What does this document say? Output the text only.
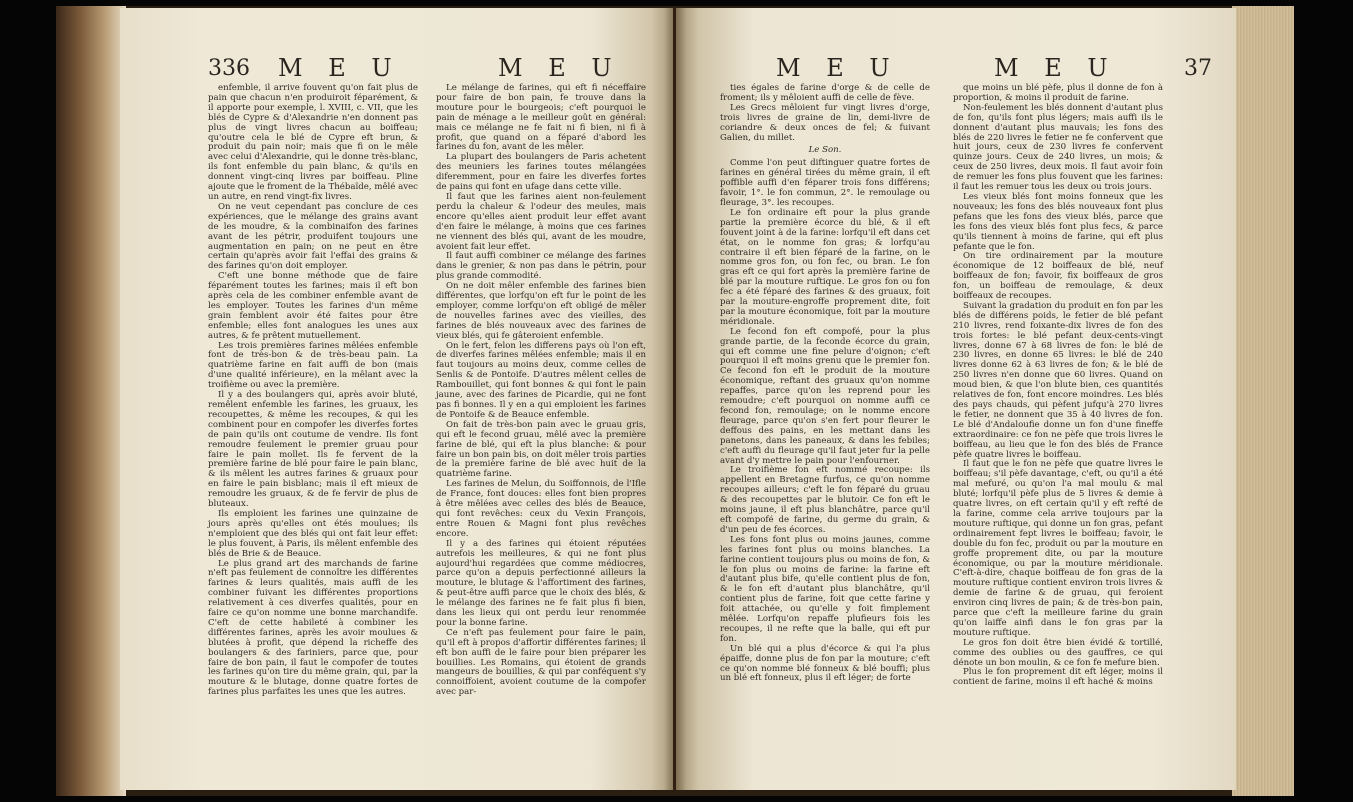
336 M E U	M E U

enfemble, il arrive fouvent qu'on fait plus de pain que chacun n'en produiroit féparément, & il apporte pour exemple, l. XVIII, c. VII, que les blés de Cypre & d'Alexandrie n'en donnent pas plus de vingt livres chacun au boiffeau; qu'outre cela le blé de Cypre eft brun, & produit du pain noir; mais que fi on le mêle avec celui d'Alexandrie, qui le donne très-blanc, ils font enfemble du pain blanc, & qu'ils en donnent vingt-cinq livres par boiffeau. Pline ajoute que le froment de la Thébaïde, mêlé avec un autre, en rend vingt-fix livres.

On ne veut cependant pas conclure de ces expériences, que le mélange des grains avant de les moudre, & la combinaifon des farines avant de les pétrir, produifent toujours une augmentation en pain; on ne peut en être certain qu'après avoir fait l'effai des grains & des farines qu'on doit employer.

C'eft une bonne méthode que de faire féparément toutes les farines; mais il eft bon après cela de les combiner enfemble avant de les employer. Toutes les farines d'un même grain femblent avoir été faites pour être enfemble; elles font analogues les unes aux autres, & fe prêtent mutuellement.

Les trois premières farines mêlées enfemble font de très-bon & de très-beau pain. La quatrième farine en fait auffi de bon (mais d'une qualité inférieure), en la mêlant avec la troifième ou avec la première.

Il y a des boulangers qui, après avoir bluté, remêlent enfemble les farines, les gruaux, les recoupettes, & même les recoupes, & qui les combinent pour en compofer les diverfes fortes de pain qu'ils ont coutume de vendre. Ils font remoudre feulement le premier gruau pour faire le pain mollet. Ils fe fervent de la première farine de blé pour faire le pain blanc, & ils mêlent les autres farines & gruaux pour en faire le pain bisblanc; mais il eft mieux de remoudre les gruaux, & de fe fervir de plus de bluteaux.

Ils emploient les farines une quinzaine de jours après qu'elles ont étés moulues; ils n'emploient que des blés qui ont fait leur effet: le plus fouvent, à Paris, ils mêlent enfemble des blés de Brie & de Beauce.

Le plus grand art des marchands de farine n'eft pas feulement de connoître les différentes farines & leurs qualités, mais auffi de les combiner fuivant les différentes proportions relativement à ces diverfes qualités, pour en faire ce qu'on nomme une bonne marchandife. C'eft de cette habileté à combiner les différentes farines, après les avoir moulues & blutées à profit, que dépend la richeffe des boulangers & des fariniers, parce que, pour faire de bon pain, il faut le compofer de toutes les farines qu'on tire du même grain, qui, par la mouture & le blutage, donne quatre fortes de farines plus parfaites les unes que les autres.

Le mélange de farines, qui eft fi néceffaire pour faire de bon pain, fe trouve dans la mouture pour le bourgeois; c'eft pourquoi le pain de ménage a le meilleur goût en général: mais ce mélange ne fe fait ni fi bien, ni fi à profit, que quand on a féparé d'abord les farines du fon, avant de les mêler.

La plupart des boulangers de Paris achetent des meuniers les farines toutes mélangées diferemment, pour en faire les diverfes fortes de pains qui font en ufage dans cette ville.

Il faut que les farines aient non-feulement perdu la chaleur & l'odeur des meules, mais encore qu'elles aient produit leur effet avant d'en faire le mélange, à moins que ces farines ne viennent des blés qui, avant de les moudre, avoient fait leur effet.

Il faut auffi combiner ce mélange des farines dans le grenier, & non pas dans le pétrin, pour plus grande commodité.

On ne doit mêler enfemble des farines bien différentes, que lorfqu'on eft fur le point de les employer, comme lorfqu'on eft obligé de mêler de nouvelles farines avec des vieilles, des farines de blés nouveaux avec des farines de vieux blés, qui fe gâteroient enfemble.

On le fert, felon les differens pays où l'on eft, de diverfes farines mêlées enfemble; mais il en faut toujours au moins deux, comme celles de Senlis & de Pontoife. D'autres mêlent celles de Rambouillet, qui font bonnes & qui font le pain jaune, avec des farines de Picardie, qui ne font pas fi bonnes. Il y en a qui emploient les farines de Pontoife & de Beauce enfemble.

On fait de très-bon pain avec le gruau gris, qui eft le fecond gruau, mêlé avec la première farine de blé, qui eft la plus blanche: & pour faire un bon pain bis, on doit mêler trois parties de la première farine de blé avec huit de la quatrième farine.

Les farines de Melun, du Soiffonnois, de l'Ifle de France, font douces: elles font bien propres à être mêlées avec celles des blés de Beauce, qui font revêches: ceux du Vexin François, entre Rouen & Magni font plus revêches encore.

Il y a des farines qui étoient réputées autrefois les meilleures, & qui ne font plus aujourd'hui regardées que comme médiocres, parce qu'on a depuis perfectionné ailleurs la mouture, le blutage & l'affortiment des farines, & peut-être auffi parce que le choix des blés, & le mélange des farines ne fe fait plus fi bien, dans les lieux qui ont perdu leur renommée pour la bonne farine.

Ce n'eft pas feulement pour faire le pain, qu'il eft à propos d'affortir différentes farines; il eft bon auffi de le faire pour bien préparer les bouillies. Les Romains, qui étoient de grands mangeurs de bouillies, & qui par conféquent s'y connoiffoient, avoient coutume de la compofer avec par-

M E U	M E U	37

ties égales de farine d'orge & de celle de froment; ils y mêloient auffi de celle de fève.

Les Grecs mêloient fur vingt livres d'orge, trois livres de graine de lin, demi-livre de coriandre & deux onces de fel; & fuivant Galien, du millet.

Le Son.

Comme l'on peut diftinguer quatre fortes de farines en général tirées du même grain, il eft poffible auffi d'en féparer trois fons différens; favoir, 1°. le fon commun, 2°. le remoulage ou fleurage, 3°. les recoupes.

Le fon ordinaire eft pour la plus grande partie la première écorce du blé, & il eft fouvent joint à de la farine: lorfqu'il eft dans cet état, on le nomme fon gras; & lorfqu'au contraire il eft bien féparé de la farine, on le nomme gros fon, ou fon fec, ou bran. Le fon gras eft ce qui fort après la première farine de blé par la mouture ruftique. Le gros fon ou fon fec a été féparé des farines & des gruaux, foit par la mouture-engroffe proprement dite, foit par la mouture économique, foit par la mouture méridionale.

Le fecond fon eft compofé, pour la plus grande partie, de la feconde écorce du grain, qui eft comme une fine pelure d'oignon; c'eft pourquoi il eft moins grenu que le premier fon. Ce fecond fon eft le produit de la mouture économique, reftant des gruaux qu'on nomme repaffes, parce qu'on les reprend pour les remoudre; c'eft pourquoi on nomme auffi ce fecond fon, remoulage; on le nomme encore fleurage, parce qu'on s'en fert pour fleurer le deffous des pains, en les mettant dans les panetons, dans les paneaux, & dans les febiles; c'eft auffi du fleurage qu'il faut jeter fur la pelle avant d'y mettre le pain pour l'enfourner.

Le troifième fon eft nommé recoupe: ils appellent en Bretagne furfus, ce qu'on nomme recoupes ailleurs; c'eft le fon féparé du gruau & des recoupettes par le blutoir. Ce fon eft le moins jaune, il eft plus blanchâtre, parce qu'il eft compofé de farine, du germe du grain, & d'un peu de fes écorces.

Les fons font plus ou moins jaunes, comme les farines font plus ou moins blanches. La farine contient toujours plus ou moins de fon, & le fon plus ou moins de farine: la farine eft d'autant plus bife, qu'elle contient plus de fon, & le fon eft d'autant plus blanchâtre, qu'il contient plus de farine, foit que cette farine y foit attachée, ou qu'elle y foit fimplement mêlée. Lorfqu'on repaffe plufieurs fois les recoupes, il ne refte que la balle, qui eft pur fon.

Un blé qui a plus d'écorce & qui l'a plus épaiffe, donne plus de fon par la mouture; c'eft ce qu'on nomme blé fonneux & blé bouffi; plus un blé eft fonneux, plus il eft léger; de forte

que moins un blé pèfe, plus il donne de fon à proportion, & moins il produit de farine.

Non-feulement les blés donnent d'autant plus de fon, qu'ils font plus légers; mais auffi ils le donnent d'autant plus mauvais; les fons des blés de 220 livres le fetier ne fe confervent que huit jours, ceux de 230 livres fe confervent quinze jours. Ceux de 240 livres, un mois; & ceux de 250 livres, deux mois. Il faut avoir foin de remuer les fons plus fouvent que les farines: il faut les remuer tous les deux ou trois jours.

Les vieux blés font moins fonneux que les nouveaux; les fons des blés nouveaux font plus pefans que les fons des vieux blés, parce que les fons des vieux blés font plus fecs, & parce qu'ils tiennent à moins de farine, qui eft plus pefante que le fon.

On tire ordinairement par la mouture économique de 12 boiffeaux de blé, neuf boiffeaux de fon; favoir, fix boiffeaux de gros fon, un boiffeau de remoulage, & deux boiffeaux de recoupes.

Suivant la gradation du produit en fon par les blés de différens poids, le fetier de blé pefant 210 livres, rend foixante-dix livres de fon des trois fortes: le blé pefant deux-cents-vingt livres, donne 67 à 68 livres de fon: le blé de 230 livres, en donne 65 livres: le blé de 240 livres donne 62 à 63 livres de fon; & le blé de 250 livres n'en donne que 60 livres. Quand on moud bien, & que l'on blute bien, ces quantités relatives de fon, font encore moindres. Les blés des pays chauds, qui pèfent jufqu'à 270 livres le fetier, ne donnent que 35 à 40 livres de fon. Le blé d'Andaloufie donne un fon d'une fineffe extraordinaire: ce fon ne pèfe que trois livres le boiffeau, au lieu que le fon des blés de France pèfe quatre livres le boiffeau.

Il faut que le fon ne pèfe que quatre livres le boiffeau; s'il pèfe davantage, c'eft, ou qu'il a été mal mefuré, ou qu'on l'a mal moulu & mal bluté; lorfqu'il pèfe plus de 5 livres & demie à quatre livres, on eft certain qu'il y eft refté de la farine, comme cela arrive toujours par la mouture ruftique, qui donne un fon gras, pefant ordinairement fept livres le boiffeau; favoir, le double du fon fec, produit ou par la mouture en groffe proprement dite, ou par la mouture économique, ou par la mouture méridionale. C'eft-à-dire, chaque boiffeau de fon gras de la mouture ruftique contient environ trois livres & demie de farine & de gruau, qui feroient environ cinq livres de pain; & de très-bon pain, parce que c'eft la meilleure farine du grain qu'on laiffe ainfi dans le fon gras par la mouture ruftique.

Le gros fon doit être bien évidé & tortillé, comme des oublies ou des gauffres, ce qui dénote un bon moulin, & ce fon fe mefure bien.

Plus le fon proprement dit eft léger, moins il contient de farine, moins il eft haché & moins
